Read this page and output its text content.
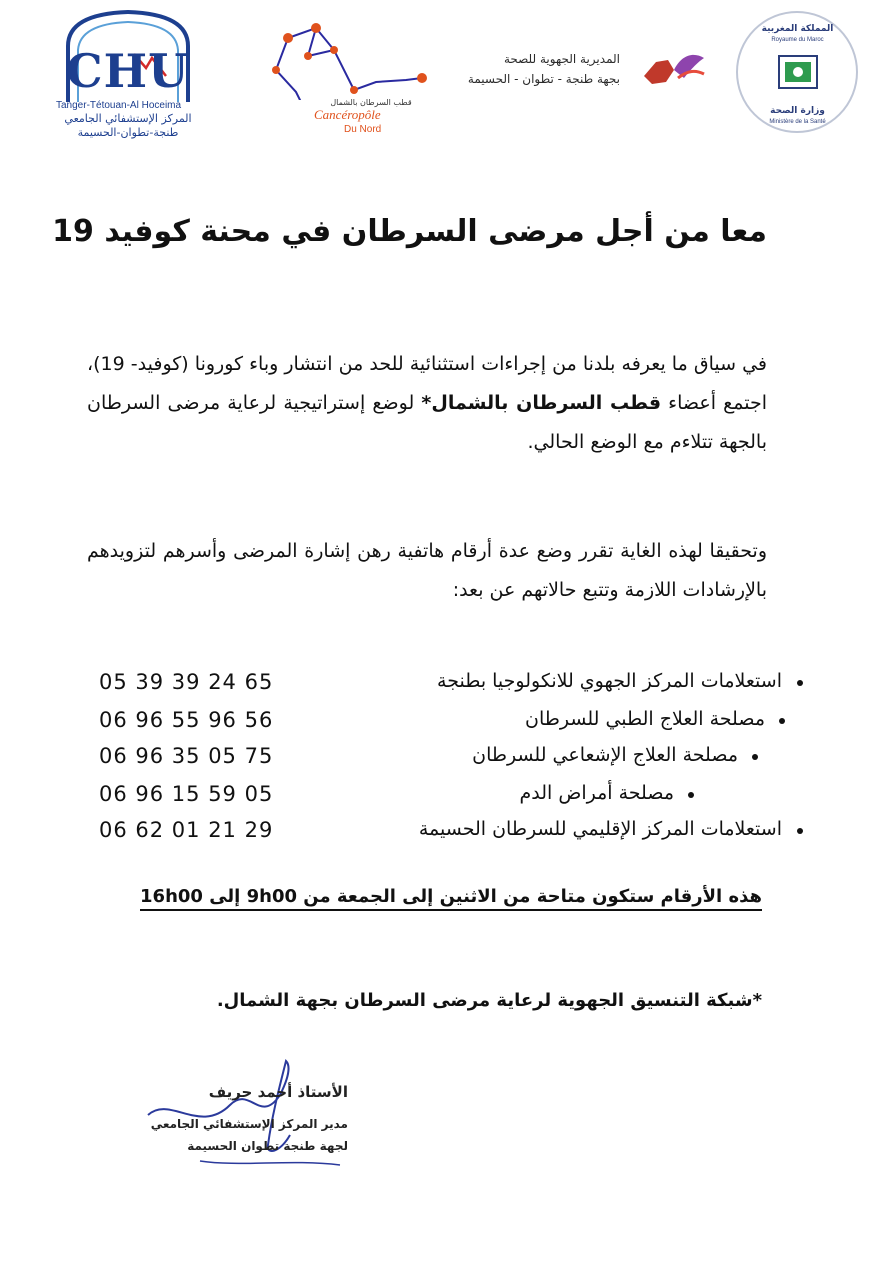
CHU
Tanger-Tétouan-Al Hoceima
المركز الإستشفائي الجامعي
طنجة-تطوان-الحسيمة
قطب السرطان بالشمال
Cancéropôle
Du Nord
المديرية الجهوية للصحة
بجهة طنجة - تطوان - الحسيمة
المملكة المغربية
Royaume du Maroc
وزارة الصحة
Ministère de la Santé
معا من أجل مرضى السرطان في محنة كوفيد 19
في سياق ما يعرفه بلدنا من إجراءات استثنائية للحد من انتشار وباء كورونا (كوفيد- 19)، اجتمع أعضاء قطب السرطان بالشمال* لوضع إستراتيجية لرعاية مرضى السرطان بالجهة تتلاءم مع الوضع الحالي.
وتحقيقا لهذه الغاية تقرر وضع عدة أرقام هاتفية رهن إشارة المرضى وأسرهم لتزويدهم بالإرشادات اللازمة وتتبع حالاتهم عن بعد:
05 39 39 24 65	استعلامات المركز الجهوي للانكولوجيا بطنجة
06 96 55 96 56	مصلحة العلاج الطبي للسرطان
06 96 35 05 75	مصلحة العلاج الإشعاعي للسرطان
06 96 15 59 05	مصلحة أمراض الدم
06 62 01 21 29	استعلامات المركز الإقليمي للسرطان الحسيمة
هذه الأرقام ستكون متاحة من الاثنين إلى الجمعة من 9h00 إلى 16h00
*شبكة التنسيق الجهوية لرعاية مرضى السرطان بجهة الشمال.
الأستاذ أحمد حريف
مدير المركز الإستشفائي الجامعي
لجهة طنجة تطوان الحسيمة
